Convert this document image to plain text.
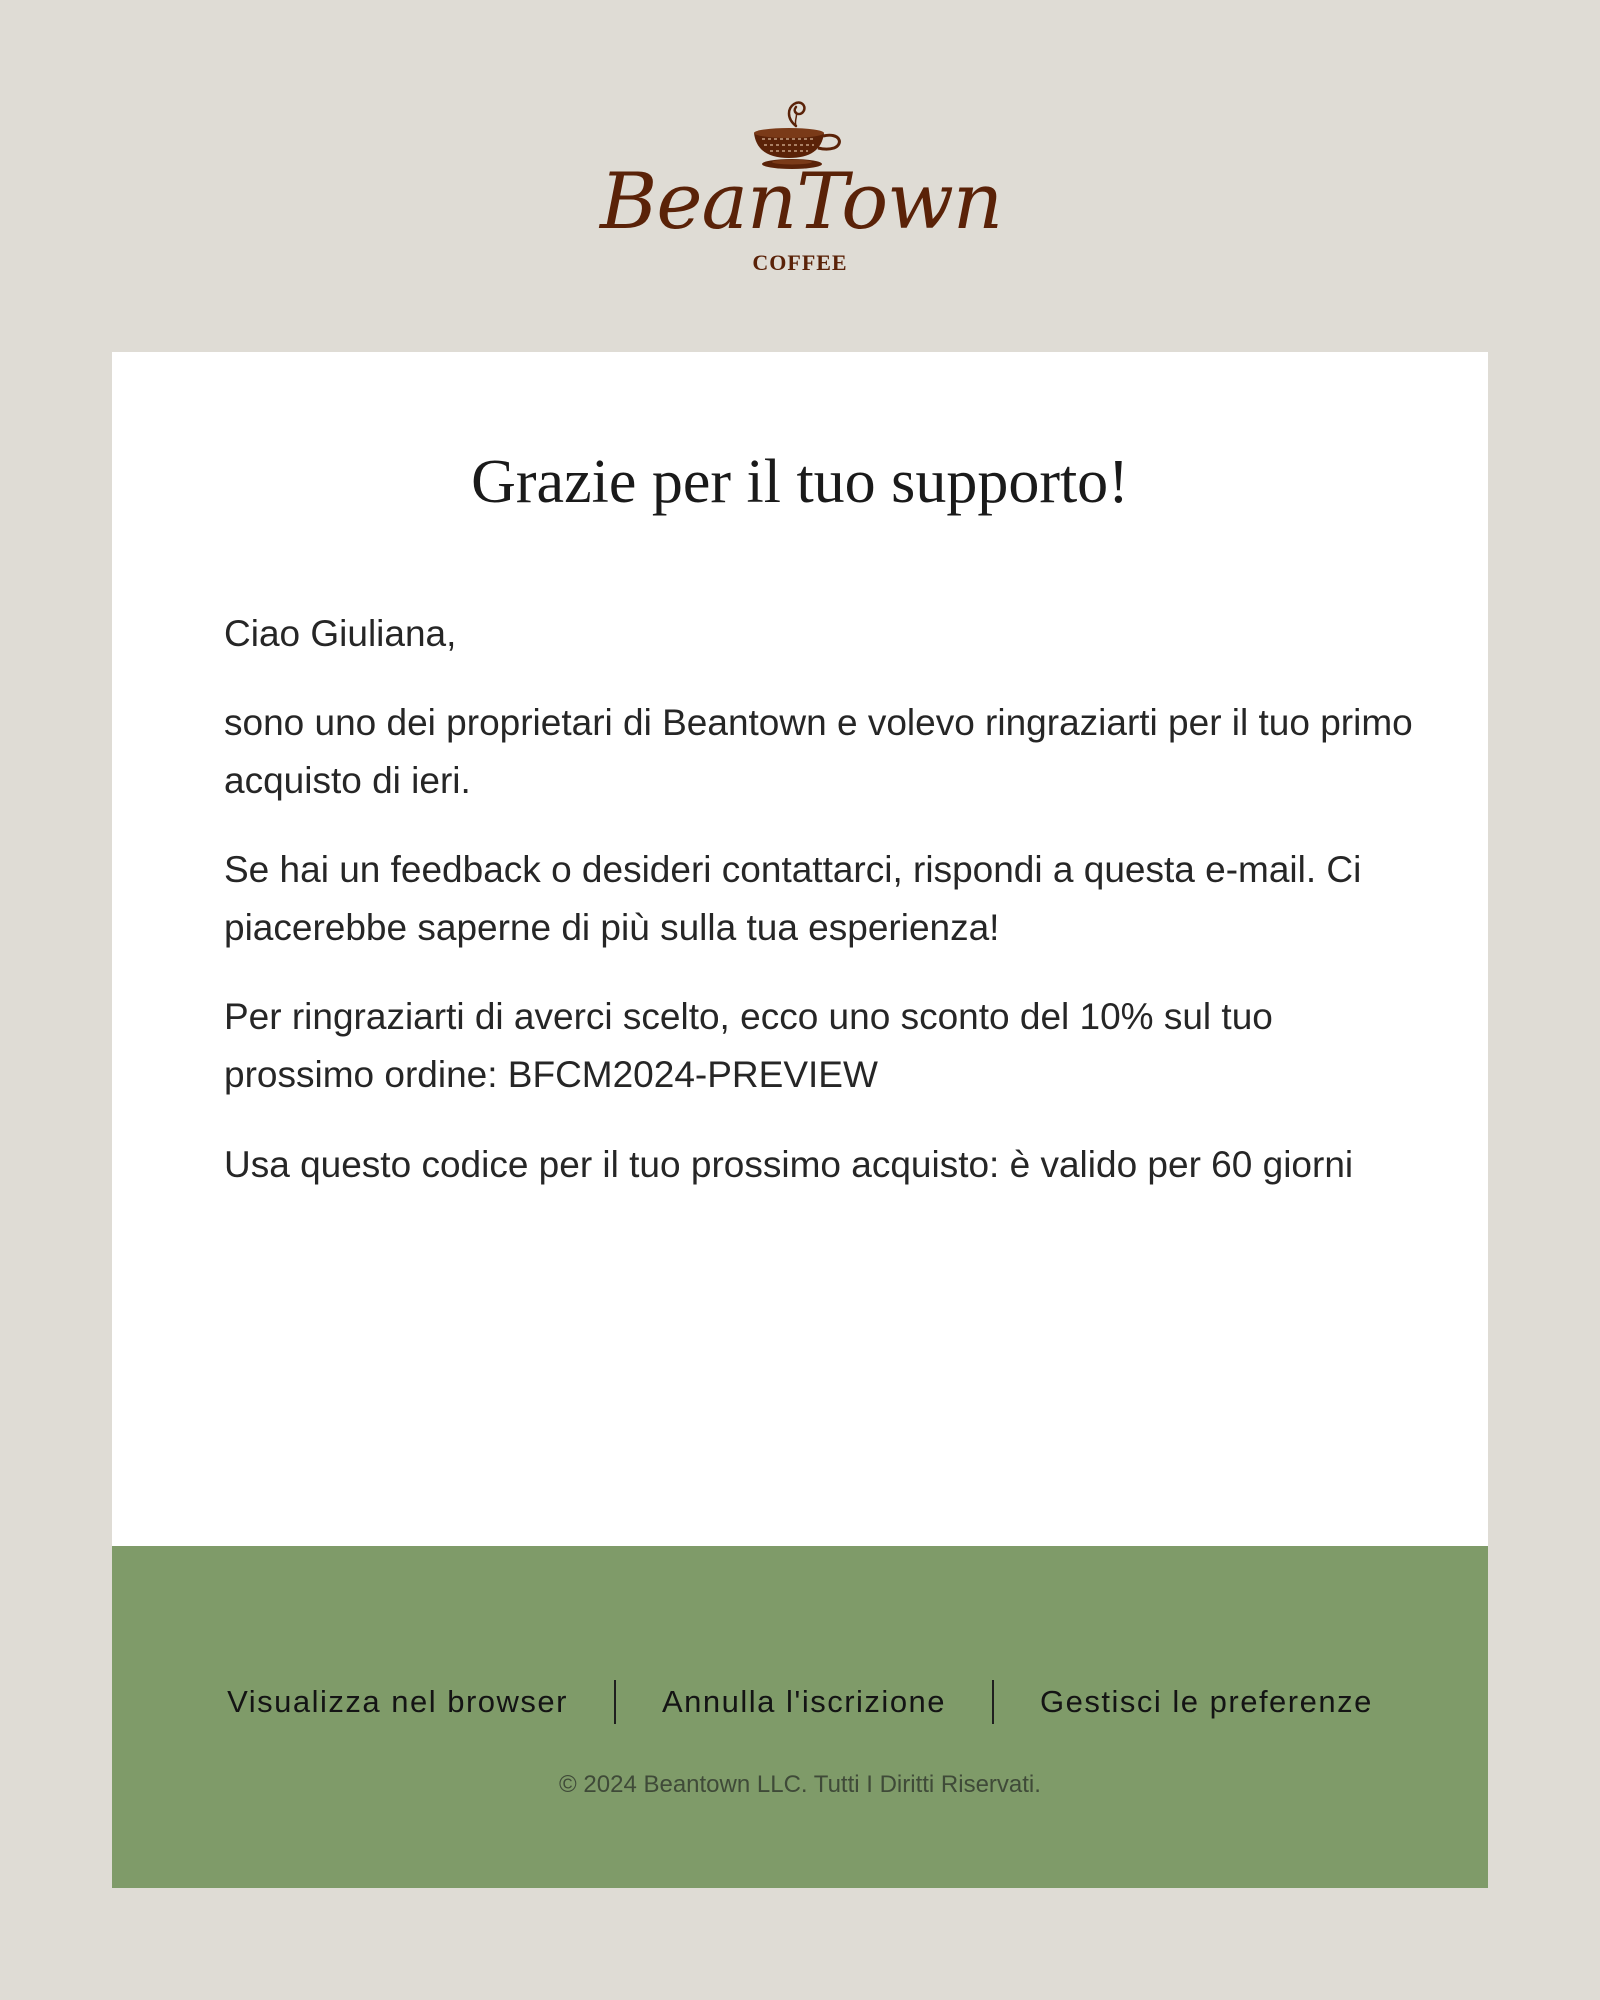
BeanTown
COFFEE
Grazie per il tuo supporto!

Ciao Giuliana,

sono uno dei proprietari di Beantown e volevo ringraziarti per il tuo primo acquisto di ieri.

Se hai un feedback o desideri contattarci, rispondi a questa e-mail. Ci piacerebbe saperne di più sulla tua esperienza!

Per ringraziarti di averci scelto, ecco uno sconto del 10% sul tuo prossimo ordine: BFCM2024-PREVIEW

Usa questo codice per il tuo prossimo acquisto: è valido per 60 giorni

Visualizza nel browser	Annulla l'iscrizione	Gestisci le preferenze
© 2024 Beantown LLC. Tutti I Diritti Riservati.
